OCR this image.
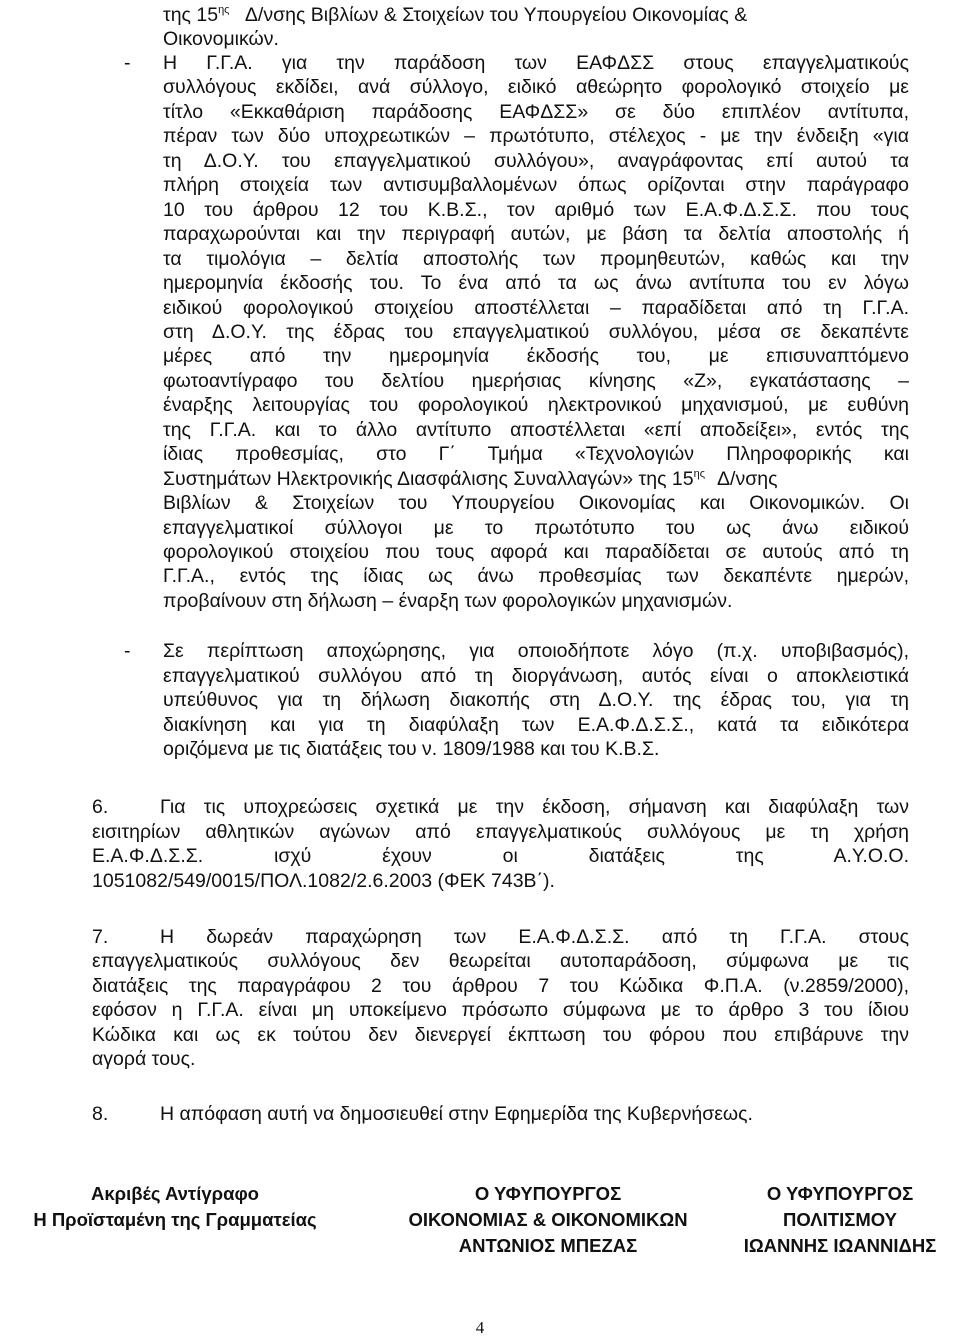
της $15^{\eta\varsigma}$ Δ/νσης Βιβλίων & Στοιχείων του Υπουργείου Οικονομίας &
Οικονομικών.
- Η Γ.Γ.Α. για την παράδοση των ΕΑΦΔΣΣ στους επαγγελματικούς
συλλόγους εκδίδει, ανά σύλλογο, ειδικό αθεώρητο φορολογικό στοιχείο με
τίτλο «Εκκαθάριση παράδοσης ΕΑΦΔΣΣ» σε δύο επιπλέον αντίτυπα,
πέραν των δύο υποχρεωτικών – πρωτότυπο, στέλεχος - με την ένδειξη «για
τη Δ.Ο.Υ. του επαγγελματικού συλλόγου», αναγράφοντας επί αυτού τα
πλήρη στοιχεία των αντισυμβαλλομένων όπως ορίζονται στην παράγραφο
10 του άρθρου 12 του Κ.Β.Σ., τον αριθμό των Ε.Α.Φ.Δ.Σ.Σ. που τους
παραχωρούνται και την περιγραφή αυτών, με βάση τα δελτία αποστολής ή
τα τιμολόγια – δελτία αποστολής των προμηθευτών, καθώς και την
ημερομηνία έκδοσής του. Το ένα από τα ως άνω αντίτυπα του εν λόγω
ειδικού φορολογικού στοιχείου αποστέλλεται – παραδίδεται από τη Γ.Γ.Α.
στη Δ.Ο.Υ. της έδρας του επαγγελματικού συλλόγου, μέσα σε δεκαπέντε
μέρες από την ημερομηνία έκδοσής του, με επισυναπτόμενο
φωτοαντίγραφο του δελτίου ημερήσιας κίνησης «Ζ», εγκατάστασης –
έναρξης λειτουργίας του φορολογικού ηλεκτρονικού μηχανισμού, με ευθύνη
της Γ.Γ.Α. και το άλλο αντίτυπο αποστέλλεται «επί αποδείξει», εντός της
ίδιας προθεσμίας, στο Γ΄ Τμήμα «Τεχνολογιών Πληροφορικής και
Συστημάτων Ηλεκτρονικής Διασφάλισης Συναλλαγών» της $15^{\eta\varsigma}$ Δ/νσης
Βιβλίων & Στοιχείων του Υπουργείου Οικονομίας και Οικονομικών. Οι
επαγγελματικοί σύλλογοι με το πρωτότυπο του ως άνω ειδικού
φορολογικού στοιχείου που τους αφορά και παραδίδεται σε αυτούς από τη
Γ.Γ.Α., εντός της ίδιας ως άνω προθεσμίας των δεκαπέντε ημερών,
προβαίνουν στη δήλωση – έναρξη των φορολογικών μηχανισμών.
- Σε περίπτωση αποχώρησης, για οποιοδήποτε λόγο (π.χ. υποβιβασμός),
επαγγελματικού συλλόγου από τη διοργάνωση, αυτός είναι ο αποκλειστικά
υπεύθυνος για τη δήλωση διακοπής στη Δ.Ο.Υ. της έδρας του, για τη
διακίνηση και για τη διαφύλαξη των Ε.Α.Φ.Δ.Σ.Σ., κατά τα ειδικότερα
οριζόμενα με τις διατάξεις του ν. 1809/1988 και του Κ.Β.Σ.
6.	Για τις υποχρεώσεις σχετικά με την έκδοση, σήμανση και διαφύλαξη των
εισιτηρίων αθλητικών αγώνων από επαγγελματικούς συλλόγους με τη χρήση
Ε.Α.Φ.Δ.Σ.Σ. ισχύ έχουν οι διατάξεις της Α.Υ.Ο.Ο.
1051082/549/0015/ΠΟΛ.1082/2.6.2003 (ΦΕΚ 743Β΄).
7.	Η δωρεάν παραχώρηση των Ε.Α.Φ.Δ.Σ.Σ. από τη Γ.Γ.Α. στους
επαγγελματικούς συλλόγους δεν θεωρείται αυτοπαράδοση, σύμφωνα με τις
διατάξεις της παραγράφου 2 του άρθρου 7 του Κώδικα Φ.Π.Α. (ν.2859/2000),
εφόσον η Γ.Γ.Α. είναι μη υποκείμενο πρόσωπο σύμφωνα με το άρθρο 3 του ίδιου
Κώδικα και ως εκ τούτου δεν διενεργεί έκπτωση του φόρου που επιβάρυνε την
αγορά τους.
8.	Η απόφαση αυτή να δημοσιευθεί στην Εφημερίδα της Κυβερνήσεως.
Ακριβές Αντίγραφο
Η Προϊσταμένη της Γραμματείας
Ο ΥΦΥΠΟΥΡΓΟΣ
ΟΙΚΟΝΟΜΙΑΣ & ΟΙΚΟΝΟΜΙΚΩΝ
ΑΝΤΩΝΙΟΣ ΜΠΕΖΑΣ
Ο ΥΦΥΠΟΥΡΓΟΣ
ΠΟΛΙΤΙΣΜΟΥ
ΙΩΑΝΝΗΣ ΙΩΑΝΝΙΔΗΣ
4
